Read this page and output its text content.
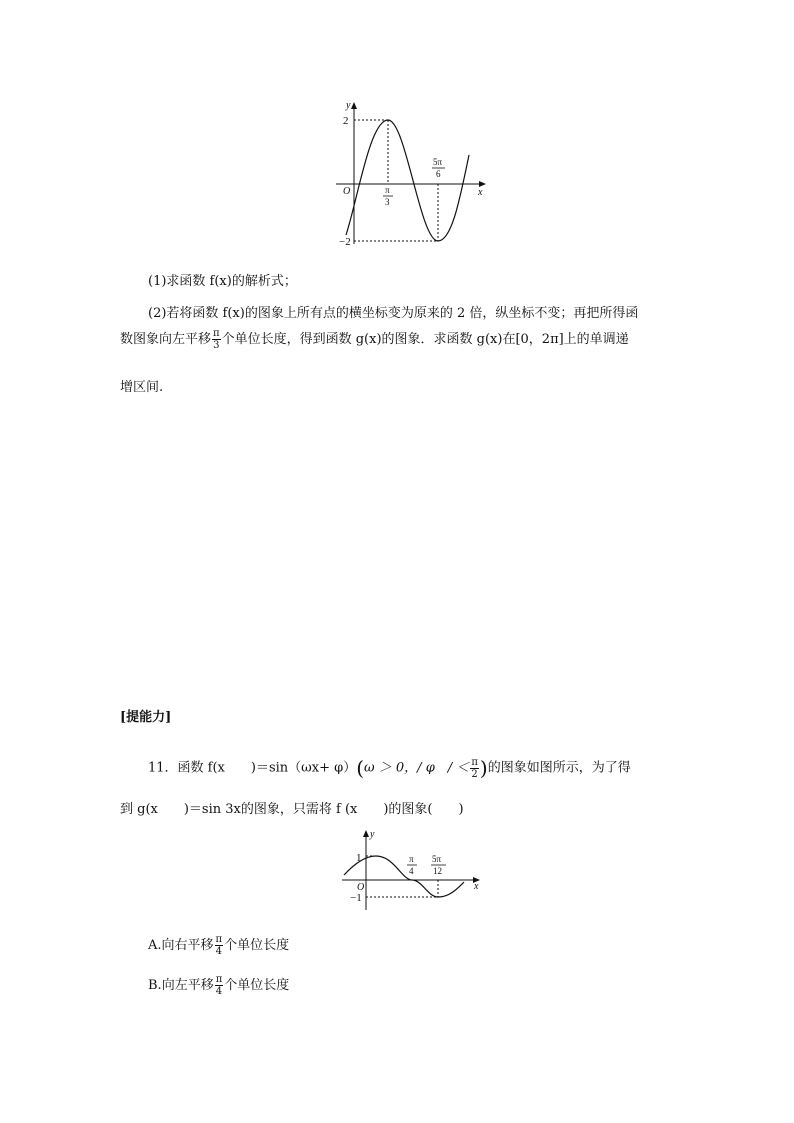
y
x
O
2
−2
π
3
5π
6
(1)求函数 f(x)的解析式；
(2)若将函数 f(x)的图象上所有点的横坐标变为原来的 2 倍，纵坐标不变；再把所得函
数图象向左平移 $\frac{\pi}{3}$ 个单位长度，得到函数 g(x)的图象．求函数 g(x)在[0，2π]上的单调递
增区间.
[提能力]
11．函数 f(x　　)＝sin（ωx+ φ）(ω ＞ 0，/ φ　/ ＜ $\frac{\pi}{2}$ )的图象如图所示，为了得
到 g(x　　)＝sin 3x的图象，只需将 f (x　　)的图象(　　)
y
x
O
1
−1
π
4
5π
12
A.向右平移 $\frac{\pi}{4}$ 个单位长度
B.向左平移 $\frac{\pi}{4}$ 个单位长度
